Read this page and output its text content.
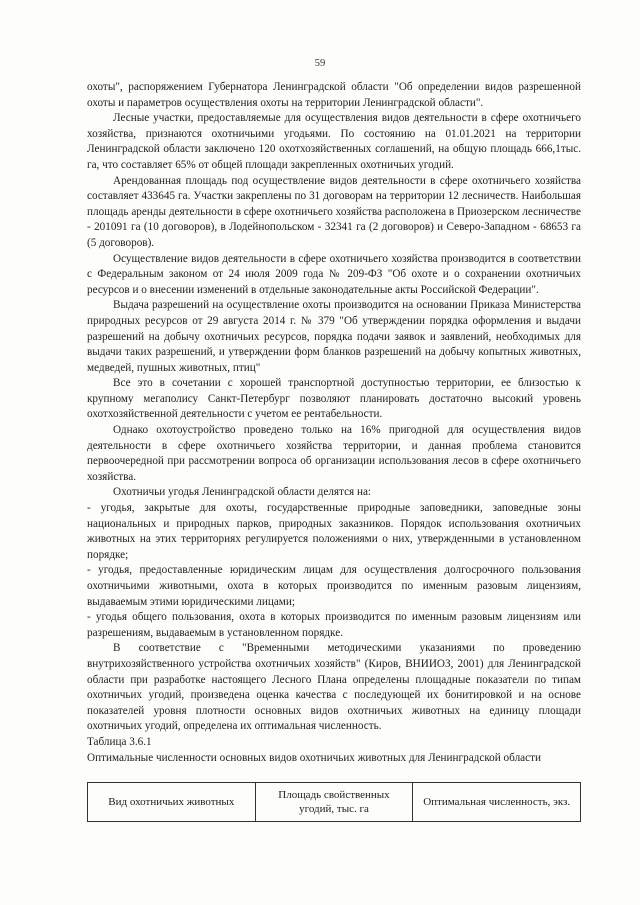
59

охоты", распоряжением Губернатора Ленинградской области "Об определении видов разрешенной охоты и параметров осуществления охоты на территории Ленинградской области".

Лесные участки, предоставляемые для осуществления видов деятельности в сфере охотничьего хозяйства, признаются охотничьими угодьями. По состоянию на 01.01.2021 на территории Ленинградской области заключено 120 охотхозяйственных соглашений, на общую площадь 666,1тыс. га, что составляет 65% от общей площади закрепленных охотничьих угодий.

Арендованная площадь под осуществление видов деятельности в сфере охотничьего хозяйства составляет 433645 га. Участки закреплены по 31 договорам на территории 12 лесничеств. Наибольшая площадь аренды деятельности в сфере охотничьего хозяйства расположена в Приозерском лесничестве - 201091 га (10 договоров), в Лодейнопольском - 32341 га (2 договоров) и Северо-Западном - 68653 га (5 договоров).

Осуществление видов деятельности в сфере охотничьего хозяйства производится в соответствии с Федеральным законом от 24 июля 2009 года № 209-ФЗ "Об охоте и о сохранении охотничьих ресурсов и о внесении изменений в отдельные законодательные акты Российской Федерации".

Выдача разрешений на осуществление охоты производится на основании Приказа Министерства природных ресурсов от 29 августа 2014 г. № 379 "Об утверждении порядка оформления и выдачи разрешений на добычу охотничьих ресурсов, порядка подачи заявок и заявлений, необходимых для выдачи таких разрешений, и утверждении форм бланков разрешений на добычу копытных животных, медведей, пушных животных, птиц"

Все это в сочетании с хорошей транспортной доступностью территории, ее близостью к крупному мегаполису Санкт-Петербург позволяют планировать достаточно высокий уровень охотхозяйственной деятельности с учетом ее рентабельности.

Однако охотоустройство проведено только на 16% пригодной для осуществления видов деятельности в сфере охотничьего хозяйства территории, и данная проблема становится первоочередной при рассмотрении вопроса об организации использования лесов в сфере охотничьего хозяйства.

Охотничьи угодья Ленинградской области делятся на:

- угодья, закрытые для охоты, государственные природные заповедники, заповедные зоны национальных и природных парков, природных заказников. Порядок использования охотничьих животных на этих территориях регулируется положениями о них, утвержденными в установленном порядке;

- угодья, предоставленные юридическим лицам для осуществления долгосрочного пользования охотничьими животными, охота в которых производится по именным разовым лицензиям, выдаваемым этими юридическими лицами;

- угодья общего пользования, охота в которых производится по именным разовым лицензиям или разрешениям, выдаваемым в установленном порядке.

В соответствие с "Временными методическими указаниями по проведению внутрихозяйственного устройства охотничьих хозяйств" (Киров, ВНИИОЗ, 2001) для Ленинградской области при разработке настоящего Лесного Плана определены площадные показатели по типам охотничьих угодий, произведена оценка качества с последующей их бонитировкой и на основе показателей уровня плотности основных видов охотничьих животных на единицу площади охотничьих угодий, определена их оптимальная численность.

Таблица 3.6.1

Оптимальные численности основных видов охотничьих животных для Ленинградской области

Вид охотничьих животных	Площадь свойственных угодий, тыс. га	Оптимальная численность, экз.
